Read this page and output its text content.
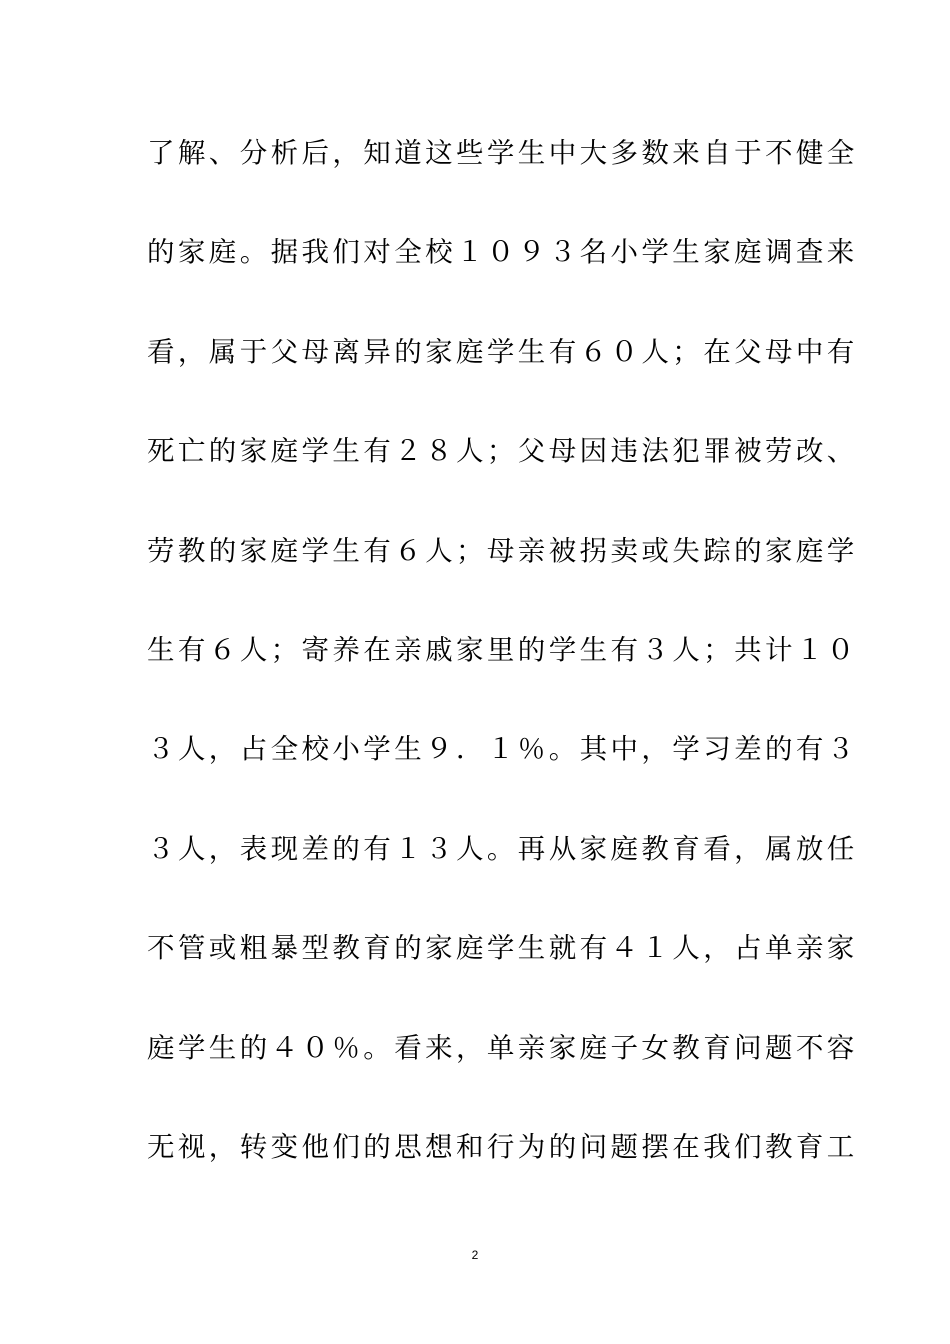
了解、分析后，知道这些学生中大多数来自于不健全
的家庭。据我们对全校１０９３名小学生家庭调查来
看，属于父母离异的家庭学生有６０人；在父母中有
死亡的家庭学生有２８人；父母因违法犯罪被劳改、
劳教的家庭学生有６人；母亲被拐卖或失踪的家庭学
生有６人；寄养在亲戚家里的学生有３人；共计１０
３人，占全校小学生９．１％。其中，学习差的有３
３人，表现差的有１３人。再从家庭教育看，属放任
不管或粗暴型教育的家庭学生就有４１人，占单亲家
庭学生的４０％。看来，单亲家庭子女教育问题不容
无视，转变他们的思想和行为的问题摆在我们教育工
2
